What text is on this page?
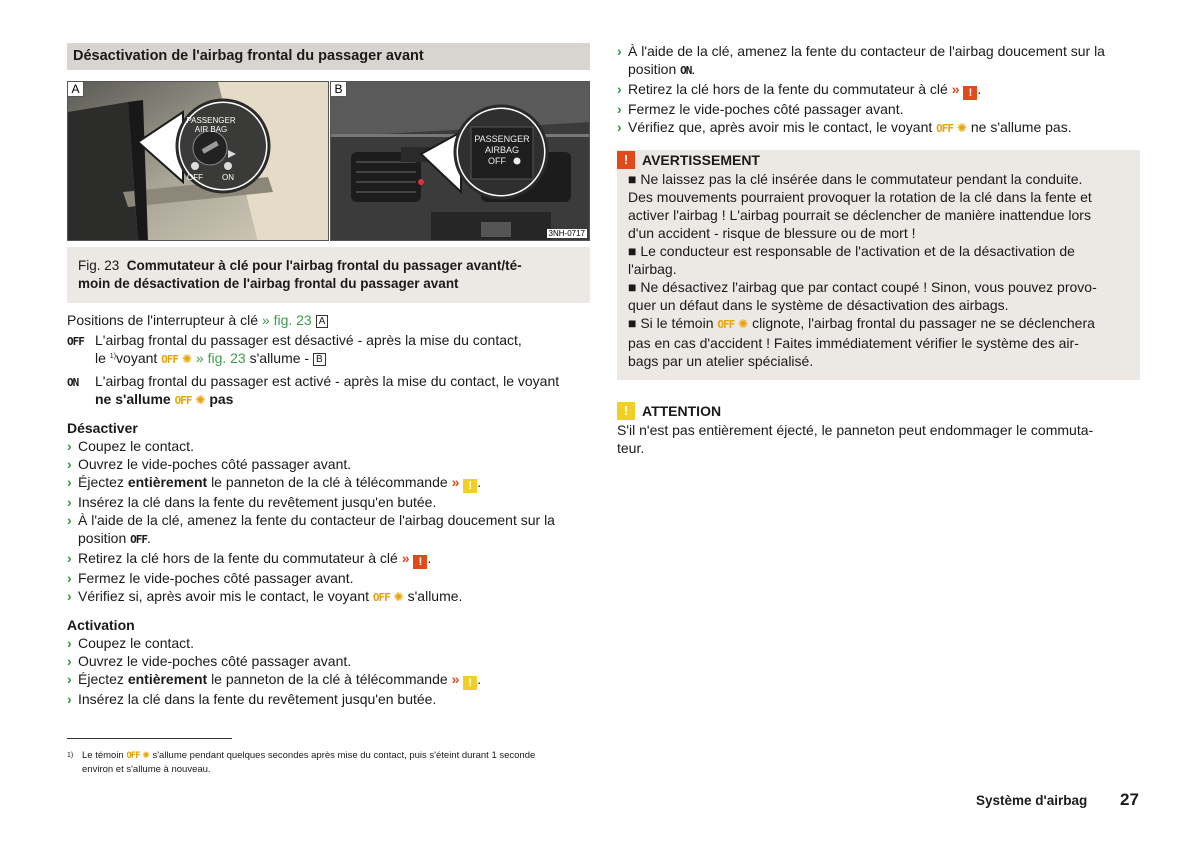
Désactivation de l'airbag frontal du passager avant
A
PASSENGER
AIR BAG
OFF ON
B
PASSENGER
AIRBAG
OFF
3NH-0717
Fig. 23 Commutateur à clé pour l'airbag frontal du passager avant/té-
moin de désactivation de l'airbag frontal du passager avant

Positions de l'interrupteur à clé » fig. 23 A

OFF L'airbag frontal du passager est désactivé - après la mise du contact,
le $^{1)}$voyant OFF ✺ » fig. 23 s'allume - B
ON	L'airbag frontal du passager est activé - après la mise du contact, le voyant
ne s'allume OFF ✺ pas
Désactiver
› Coupez le contact.
› Ouvrez le vide-poches côté passager avant.
› Éjectez entièrement le panneton de la clé à télécommande » ! .
› Insérez la clé dans la fente du revêtement jusqu'en butée.
› À l'aide de la clé, amenez la fente du contacteur de l'airbag doucement sur la
position OFF.
› Retirez la clé hors de la fente du commutateur à clé » ! .
› Fermez le vide-poches côté passager avant.
› Vérifiez si, après avoir mis le contact, le voyant OFF ✺ s'allume.
Activation
› Coupez le contact.
› Ouvrez le vide-poches côté passager avant.
› Éjectez entièrement le panneton de la clé à télécommande » ! .
› Insérez la clé dans la fente du revêtement jusqu'en butée.
› À l'aide de la clé, amenez la fente du contacteur de l'airbag doucement sur la
position ON.
› Retirez la clé hors de la fente du commutateur à clé » ! .
› Fermez le vide-poches côté passager avant.
› Vérifiez que, après avoir mis le contact, le voyant OFF ✺ ne s'allume pas.
! AVERTISSEMENT
■ Ne laissez pas la clé insérée dans le commutateur pendant la conduite.
Des mouvements pourraient provoquer la rotation de la clé dans la fente et
activer l'airbag ! L'airbag pourrait se déclencher de manière inattendue lors
d'un accident - risque de blessure ou de mort !
■ Le conducteur est responsable de l'activation et de la désactivation de
l'airbag.
■ Ne désactivez l'airbag que par contact coupé ! Sinon, vous pouvez provo-
quer un défaut dans le système de désactivation des airbags.
■ Si le témoin OFF ✺ clignote, l'airbag frontal du passager ne se déclenchera
pas en cas d'accident ! Faites immédiatement vérifier le système des air-
bags par un atelier spécialisé.
! ATTENTION
S'il n'est pas entièrement éjecté, le panneton peut endommager le commuta-
teur.
1) Le témoin OFF ✺ s'allume pendant quelques secondes après mise du contact, puis s'éteint durant 1 seconde
environ et s'allume à nouveau.
Système d'airbag 27
